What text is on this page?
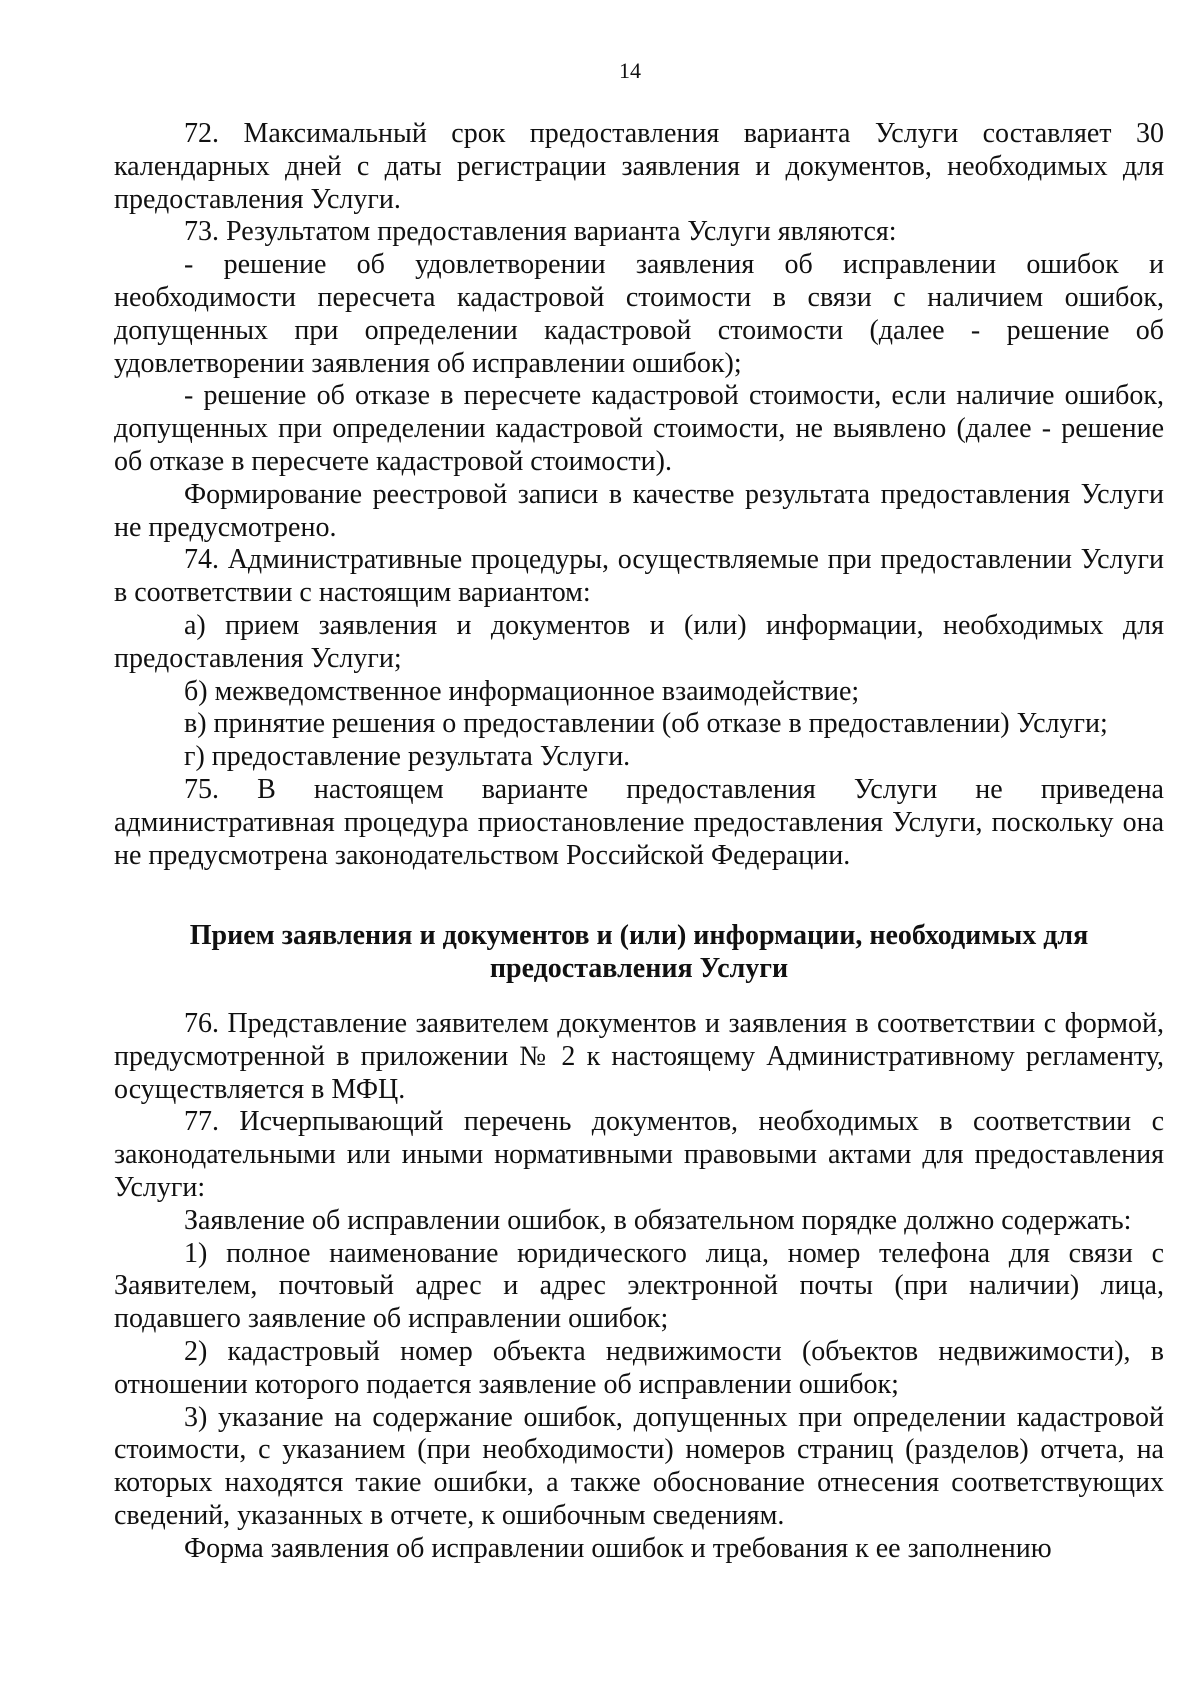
14

72. Максимальный срок предоставления варианта Услуги составляет 30 календарных дней с даты регистрации заявления и документов, необходимых для предоставления Услуги.

73. Результатом предоставления варианта Услуги являются:

- решение об удовлетворении заявления об исправлении ошибок и необходимости пересчета кадастровой стоимости в связи с наличием ошибок, допущенных при определении кадастровой стоимости (далее - решение об удовлетворении заявления об исправлении ошибок);

- решение об отказе в пересчете кадастровой стоимости, если наличие ошибок, допущенных при определении кадастровой стоимости, не выявлено (далее - решение об отказе в пересчете кадастровой стоимости).

Формирование реестровой записи в качестве результата предоставления Услуги не предусмотрено.

74. Административные процедуры, осуществляемые при предоставлении Услуги в соответствии с настоящим вариантом:

а) прием заявления и документов и (или) информации, необходимых для предоставления Услуги;

б) межведомственное информационное взаимодействие;

в) принятие решения о предоставлении (об отказе в предоставлении) Услуги;

г) предоставление результата Услуги.

75. В настоящем варианте предоставления Услуги не приведена административная процедура приостановление предоставления Услуги, поскольку она не предусмотрена законодательством Российской Федерации.

Прием заявления и документов и (или) информации, необходимых для
предоставления Услуги

76. Представление заявителем документов и заявления в соответствии с формой, предусмотренной в приложении № 2 к настоящему Административному регламенту, осуществляется в МФЦ.

77. Исчерпывающий перечень документов, необходимых в соответствии с законодательными или иными нормативными правовыми актами для предоставления Услуги:

Заявление об исправлении ошибок, в обязательном порядке должно содержать:

1) полное наименование юридического лица, номер телефона для связи с Заявителем, почтовый адрес и адрес электронной почты (при наличии) лица, подавшего заявление об исправлении ошибок;

2) кадастровый номер объекта недвижимости (объектов недвижимости), в отношении которого подается заявление об исправлении ошибок;

3) указание на содержание ошибок, допущенных при определении кадастровой стоимости, с указанием (при необходимости) номеров страниц (разделов) отчета, на которых находятся такие ошибки, а также обоснование отнесения соответствующих сведений, указанных в отчете, к ошибочным сведениям.

Форма заявления об исправлении ошибок и требования к ее заполнению
